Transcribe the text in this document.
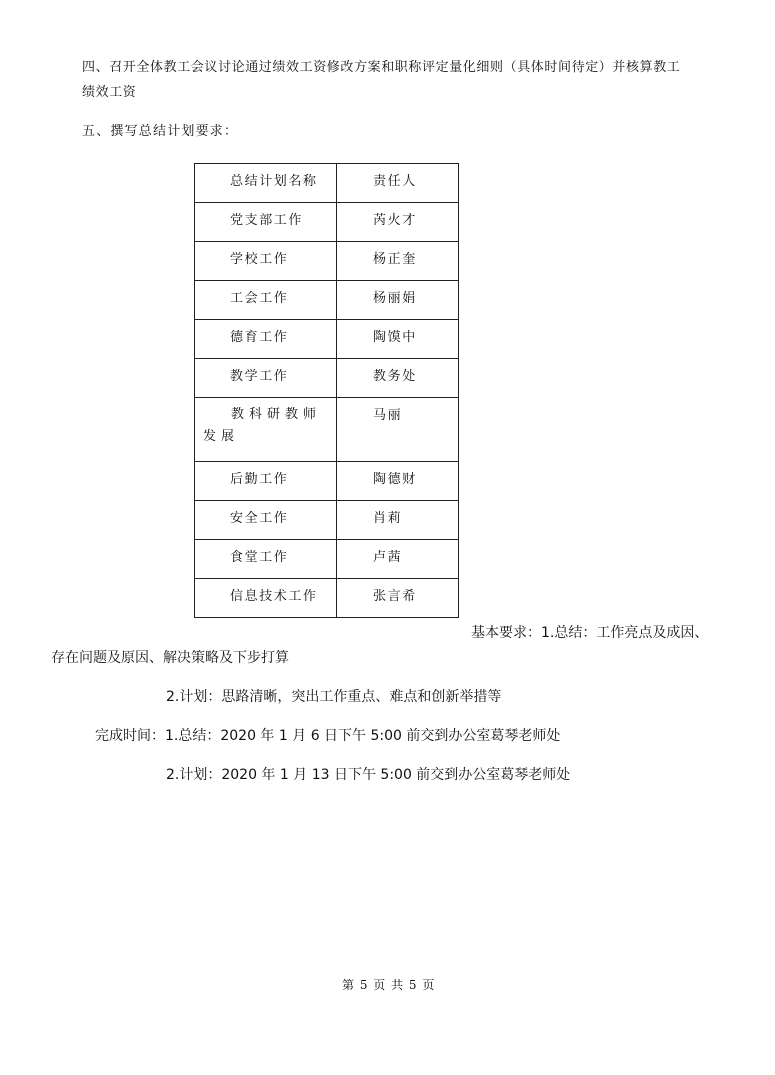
四、召开全体教工会议讨论通过绩效工资修改方案和职称评定量化细则（具体时间待定）并核算教工
绩效工资
五、撰写总结计划要求：
总结计划名称	责任人

党支部工作	芮火才

学校工作	杨正奎

工会工作	杨丽娟

德育工作	陶馍中

教学工作	教务处

教科研教师发展	马丽

后勤工作	陶德财

安全工作	肖莉

食堂工作	卢茜

信息技术工作	张言希
基本要求：1.总结：工作亮点及成因、
存在问题及原因、解决策略及下步打算
2.计划：思路清晰，突出工作重点、难点和创新举措等
完成时间：1.总结：2020 年 1 月 6 日下午 5:00 前交到办公室葛琴老师处
2.计划：2020 年 1 月 13 日下午 5:00 前交到办公室葛琴老师处
第 5 页 共 5 页
